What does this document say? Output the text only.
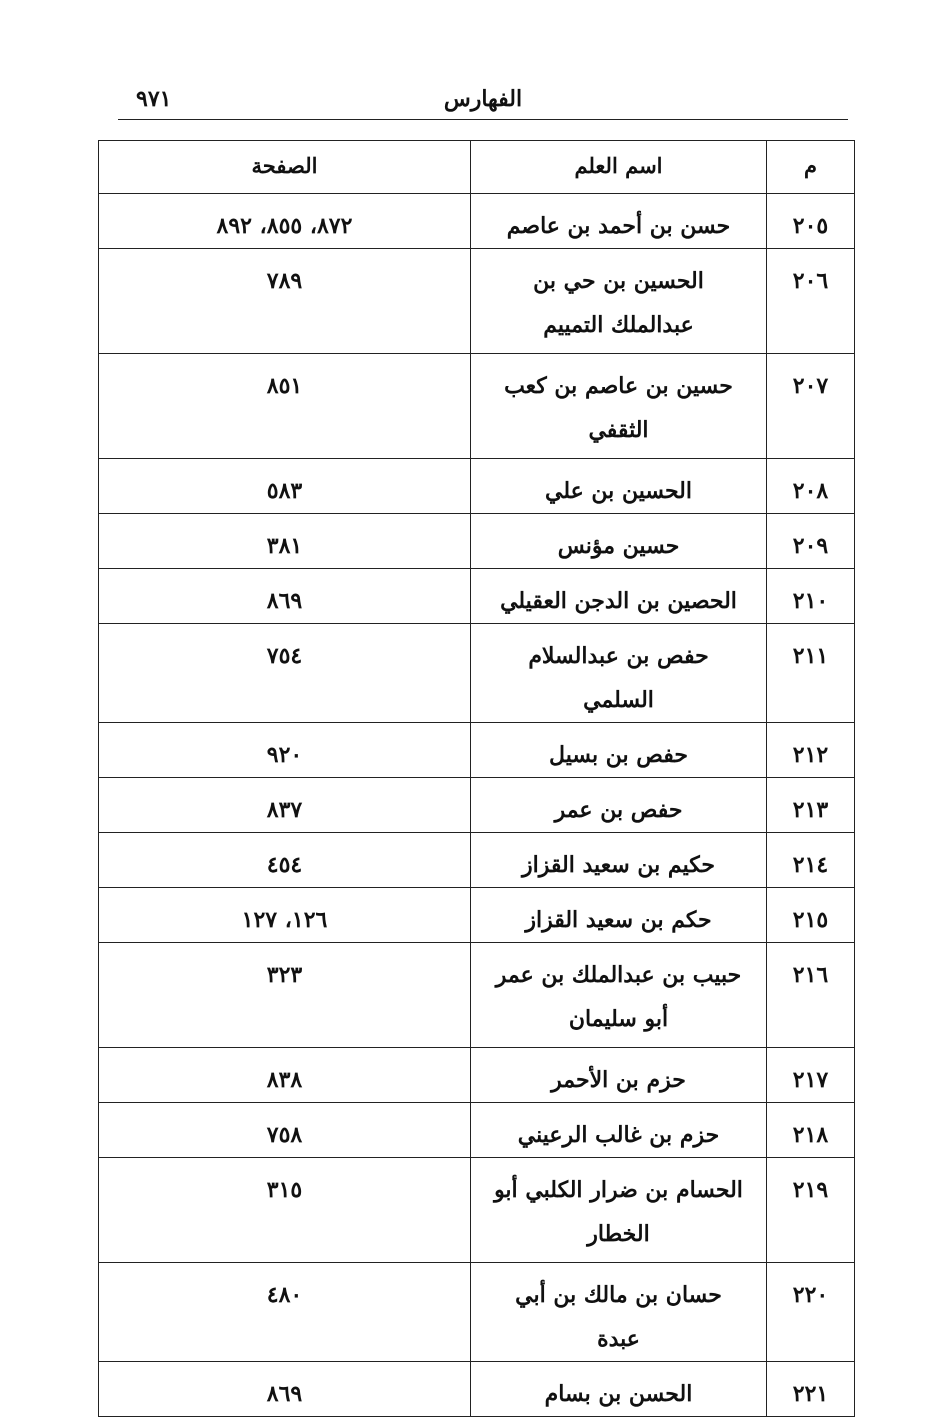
الفهارس
٩٧١
م	اسم العلم	الصفحة
٢٠٥	حسن بن أحمد بن عاصم	٨٧٢، ٨٥٥، ٨٩٢
٢٠٦	الحسين بن حي بن عبدالملك التمييم	٧٨٩
٢٠٧	حسين بن عاصم بن كعب الثقفي	٨٥١
٢٠٨	الحسين بن علي	٥٨٣
٢٠٩	حسين مؤنس	٣٨١
٢١٠	الحصين بن الدجن العقيلي	٨٦٩
٢١١	حفص بن عبدالسلام السلمي	٧٥٤
٢١٢	حفص بن بسيل	٩٢٠
٢١٣	حفص بن عمر	٨٣٧
٢١٤	حكيم بن سعيد القزاز	٤٥٤
٢١٥	حكم بن سعيد القزاز	١٢٦، ١٢٧
٢١٦	حبيب بن عبدالملك بن عمر أبو سليمان	٣٢٣
٢١٧	حزم بن الأحمر	٨٣٨
٢١٨	حزم بن غالب الرعيني	٧٥٨
٢١٩	الحسام بن ضرار الكلبي أبو الخطار	٣١٥
٢٢٠	حسان بن مالك بن أبي عبدة	٤٨٠
٢٢١	الحسن بن بسام	٨٦٩
